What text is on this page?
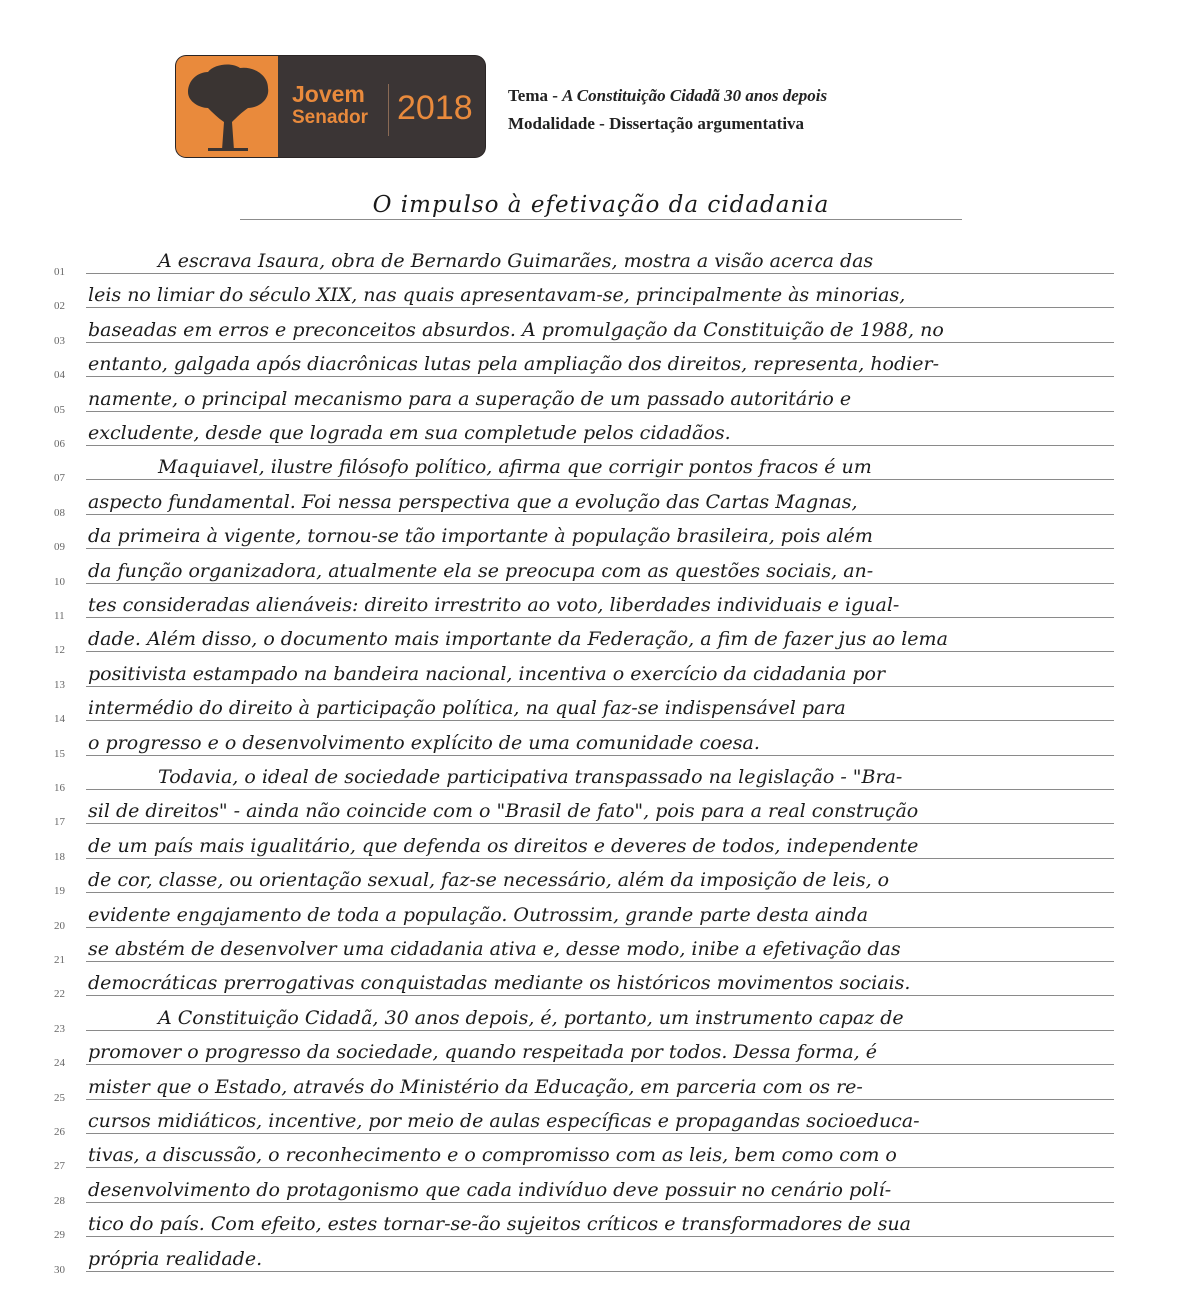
Jovem
Senador 2018 Tema - A Constituição Cidadã 30 anos depois
Modalidade - Dissertação argumentativa
O impulso à efetivação da cidadania
01	A escrava Isaura, obra de Bernardo Guimarães, mostra a visão acerca das
02 leis no limiar do século XIX, nas quais apresentavam-se, principalmente às minorias,
03 baseadas em erros e preconceitos absurdos. A promulgação da Constituição de 1988, no
04 entanto, galgada após diacrônicas lutas pela ampliação dos direitos, representa, hodier-
05 namente, o principal mecanismo para a superação de um passado autoritário e
06 excludente, desde que lograda em sua completude pelos cidadãos.
07	Maquiavel, ilustre filósofo político, afirma que corrigir pontos fracos é um
08 aspecto fundamental. Foi nessa perspectiva que a evolução das Cartas Magnas,
09 da primeira à vigente, tornou-se tão importante à população brasileira, pois além
10 da função organizadora, atualmente ela se preocupa com as questões sociais, an-
11 tes consideradas alienáveis: direito irrestrito ao voto, liberdades individuais e igual-
12 dade. Além disso, o documento mais importante da Federação, a fim de fazer jus ao lema
13 positivista estampado na bandeira nacional, incentiva o exercício da cidadania por
14 intermédio do direito à participação política, na qual faz-se indispensável para
15 o progresso e o desenvolvimento explícito de uma comunidade coesa.
16	Todavia, o ideal de sociedade participativa transpassado na legislação - "Bra-
17 sil de direitos" - ainda não coincide com o "Brasil de fato", pois para a real construção
18 de um país mais igualitário, que defenda os direitos e deveres de todos, independente
19 de cor, classe, ou orientação sexual, faz-se necessário, além da imposição de leis, o
20 evidente engajamento de toda a população. Outrossim, grande parte desta ainda
21 se abstém de desenvolver uma cidadania ativa e, desse modo, inibe a efetivação das
22 democráticas prerrogativas conquistadas mediante os históricos movimentos sociais.
23	A Constituição Cidadã, 30 anos depois, é, portanto, um instrumento capaz de
24 promover o progresso da sociedade, quando respeitada por todos. Dessa forma, é
25 mister que o Estado, através do Ministério da Educação, em parceria com os re-
26 cursos midiáticos, incentive, por meio de aulas específicas e propagandas socioeduca-
27 tivas, a discussão, o reconhecimento e o compromisso com as leis, bem como com o
28 desenvolvimento do protagonismo que cada indivíduo deve possuir no cenário polí-
29 tico do país. Com efeito, estes tornar-se-ão sujeitos críticos e transformadores de sua
30 própria realidade.
